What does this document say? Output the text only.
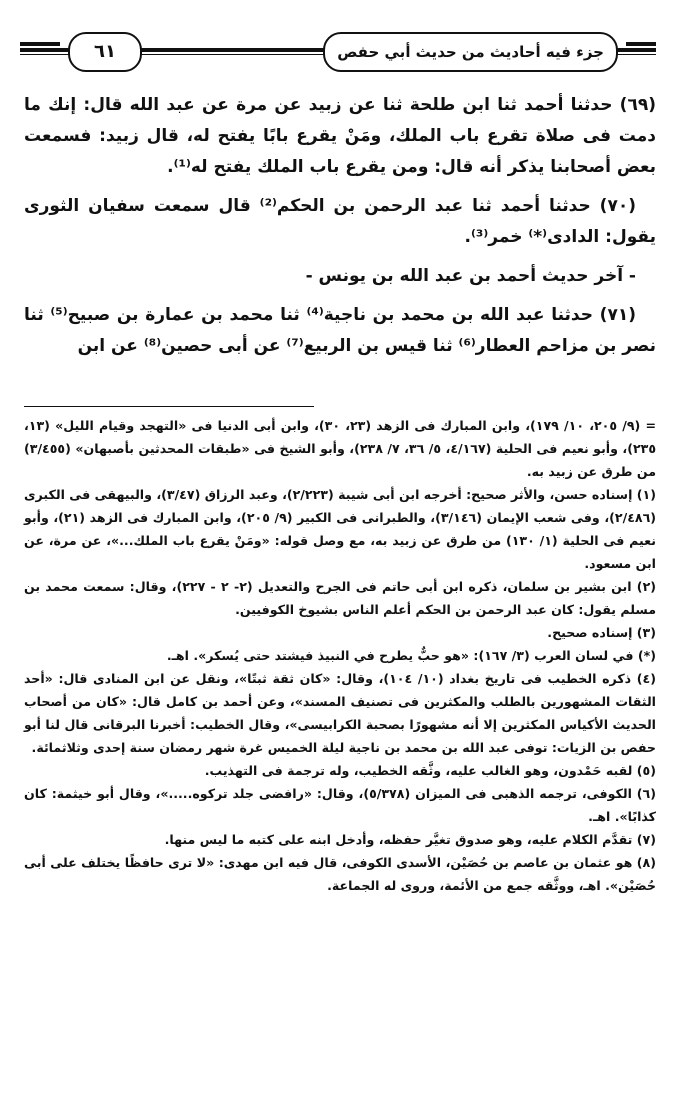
جزء فيه أحاديث من حديث أبي حفص
٦١

(٦٩) حدثنا أحمد ثنا ابن طلحة ثنا عن زبيد عن مرة عن عبد الله قال: إنك ما دمت فى صلاة تقرع باب الملك، ومَنْ يقرع بابًا يفتح له، قال زبيد: فسمعت بعض أصحابنا يذكر أنه قال: ومن يقرع باب الملك يفتح له⁽¹⁾.

(٧٠) حدثنا أحمد ثنا عبد الرحمن بن الحكم⁽²⁾ قال سمعت سفيان الثورى يقول: الدادى⁽*⁾ خمر⁽³⁾.

- آخر حديث أحمد بن عبد الله بن يونس -

(٧١) حدثنا عبد الله بن محمد بن ناجية⁽⁴⁾ ثنا محمد بن عمارة بن صبيح⁽⁵⁾ ثنا نصر بن مزاحم العطار⁽⁶⁾ ثنا قيس بن الربيع⁽⁷⁾ عن أبى حصين⁽⁸⁾ عن ابن

= (٩/ ٢٠٥، ١٠/ ١٧٩)، وابن المبارك فى الزهد (٢٣، ٣٠)، وابن أبى الدنيا فى «التهجد وقيام الليل» (١٣، ٢٣٥)، وأبو نعيم فى الحلية (٤/١٦٧، ٥/ ٣٦، ٧/ ٢٣٨)، وأبو الشيخ فى «طبقات المحدثين بأصبهان» (٣/٤٥٥) من طرق عن زبيد به.

(١) إسناده حسن، والأثر صحيح: أخرجه ابن أبى شيبة (٢/٢٢٣)، وعبد الرزاق (٣/٤٧)، والبيهقى فى الكبرى (٢/٤٨٦)، وفى شعب الإيمان (٣/١٤٦)، والطبرانى فى الكبير (٩/ ٢٠٥)، وابن المبارك فى الزهد (٢١)، وأبو نعيم فى الحلية (١/ ١٣٠) من طرق عن زبيد به، مع وصل قوله: «ومَنْ يقرع باب الملك...»، عن مرة، عن ابن مسعود.

(٢) ابن بشير بن سلمان، ذكره ابن أبى حاتم فى الجرح والتعديل (٢- ٢ - ٢٢٧)، وقال: سمعت محمد بن مسلم يقول: كان عبد الرحمن بن الحكم أعلم الناس بشيوخ الكوفيين.

(٣) إسناده صحيح.

(*) في لسان العرب (٣/ ١٦٧): «هو حبٌّ يطرح في النبيذ فيشتد حتى يُسكر». اهـ.

(٤) ذكره الخطيب فى تاريخ بغداد (١٠/ ١٠٤)، وقال: «كان ثقة ثبتًا»، ونقل عن ابن المنادى قال: «أحد الثقات المشهورين بالطلب والمكثرين فى تصنيف المسند»، وعن أحمد بن كامل قال: «كان من أصحاب الحديث الأكياس المكثرين إلا أنه مشهورًا بصحبة الكرابيسى»، وقال الخطيب: أخبرنا البرقانى قال لنا أبو حفص بن الزيات: توفى عبد الله بن محمد بن ناجية ليلة الخميس غرة شهر رمضان سنة إحدى وثلاثمائة.

(٥) لقبه حَمْدون، وهو الغالب عليه، وثَّقه الخطيب، وله ترجمة فى التهذيب.

(٦) الكوفى، ترجمه الذهبى فى الميزان (٥/٣٧٨)، وقال: «رافضى جلد تركوه.....»، وقال أبو خيثمة: كان كذابًا». اهـ.

(٧) تقدَّم الكلام عليه، وهو صدوق تغيَّر حفظه، وأدخل ابنه على كتبه ما ليس منها.

(٨) هو عثمان بن عاصم بن حُصَيْن، الأسدى الكوفى، قال فيه ابن مهدى: «لا ترى حافظًا يختلف على أبى حُصَيْن». اهـ، ووثَّقه جمع من الأئمة، وروى له الجماعة.
